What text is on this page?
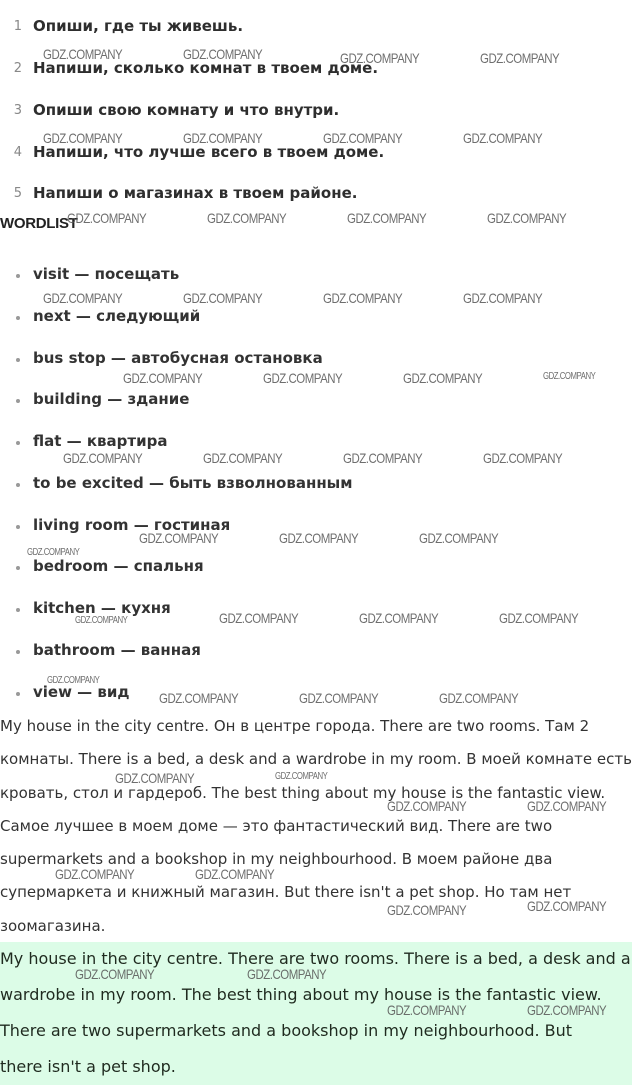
1 Опиши, где ты живешь.
2 Напиши, сколько комнат в твоем доме.
3 Опиши свою комнату и что внутри.
4 Напиши, что лучше всего в твоем доме.
5 Напиши о магазинах в твоем районе.
WORDLIST
visit — посещать
next — следующий
bus stop — автобусная остановка
building — здание
flat — квартира
to be excited — быть взволнованным
living room — гостиная
bedroom — спальня
kitchen — кухня
bathroom — ванная
view — вид
My house in the city centre. Он в центре города. There are two rooms. Там 2
комнаты. There is a bed, a desk and a wardrobe in my room. В моей комнате есть
кровать, стол и гардероб. The best thing about my house is the fantastic view.
Самое лучшее в моем доме — это фантастический вид. There are two
supermarkets and a bookshop in my neighbourhood. В моем районе два
супермаркета и книжный магазин. But there isn't a pet shop. Но там нет
зоомагазина.
My house in the city centre. There are two rooms. There is a bed, a desk and a
wardrobe in my room. The best thing about my house is the fantastic view.
There are two supermarkets and a bookshop in my neighbourhood. But
there isn't a pet shop.
GDZ.COMPANY	GDZ.COMPANY	GDZ.COMPANY	GDZ.COMPANY
GDZ.COMPANY	GDZ.COMPANY	GDZ.COMPANY	GDZ.COMPANY
GDZ.COMPANY	GDZ.COMPANY	GDZ.COMPANY	GDZ.COMPANY
GDZ.COMPANY	GDZ.COMPANY	GDZ.COMPANY	GDZ.COMPANY
GDZ.COMPANY	GDZ.COMPANY	GDZ.COMPANY	GDZ.COMPANY
GDZ.COMPANY	GDZ.COMPANY	GDZ.COMPANY	GDZ.COMPANY
GDZ.COMPANY	GDZ.COMPANY	GDZ.COMPANY
GDZ.COMPANY
GDZ.COMPANY	GDZ.COMPANY	GDZ.COMPANY	GDZ.COMPANY
GDZ.COMPANY
GDZ.COMPANY	GDZ.COMPANY	GDZ.COMPANY
GDZ.COMPANY	GDZ.COMPANY
GDZ.COMPANY	GDZ.COMPANY
GDZ.COMPANY	GDZ.COMPANY
GDZ.COMPANY	GDZ.COMPANY
GDZ.COMPANY	GDZ.COMPANY
GDZ.COMPANY	GDZ.COMPANY
